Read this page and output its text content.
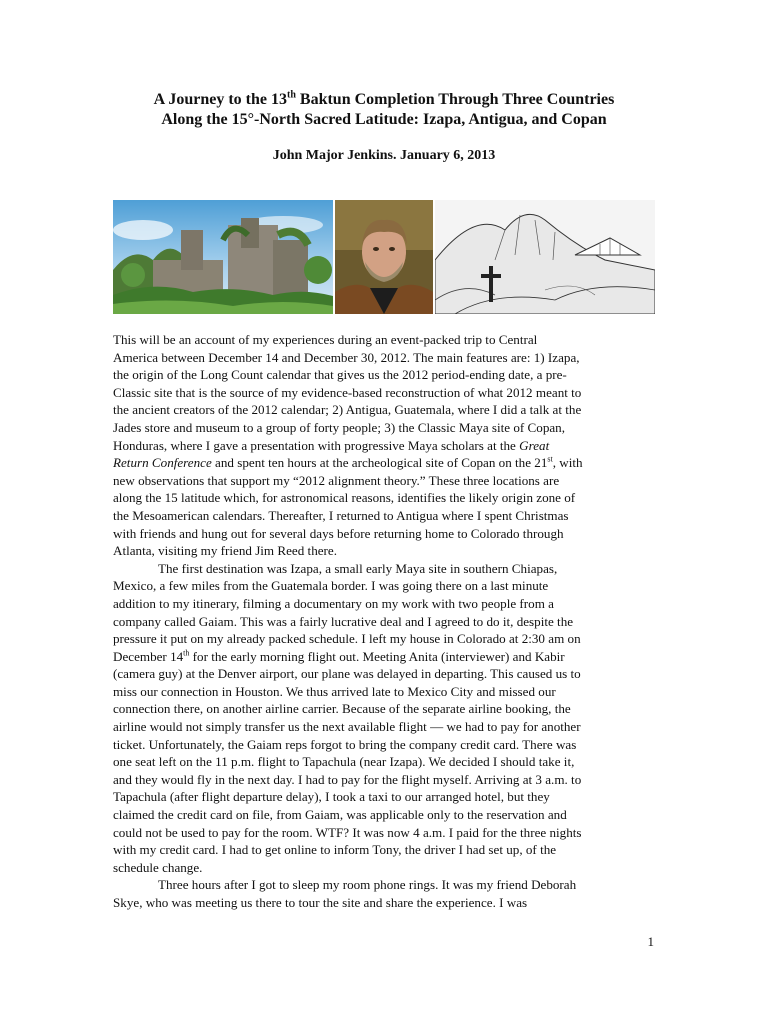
A Journey to the 13th Baktun Completion Through Three Countries
Along the 15°-North Sacred Latitude: Izapa, Antigua, and Copan
John Major Jenkins. January 6, 2013

This will be an account of my experiences during an event-packed trip to Central
America between December 14 and December 30, 2012. The main features are: 1) Izapa,
the origin of the Long Count calendar that gives us the 2012 period-ending date, a pre-
Classic site that is the source of my evidence-based reconstruction of what 2012 meant to
the ancient creators of the 2012 calendar; 2) Antigua, Guatemala, where I did a talk at the
Jades store and museum to a group of forty people; 3) the Classic Maya site of Copan,
Honduras, where I gave a presentation with progressive Maya scholars at the Great
Return Conference and spent ten hours at the archeological site of Copan on the 21st, with
new observations that support my “2012 alignment theory.” These three locations are
along the 15 latitude which, for astronomical reasons, identifies the likely origin zone of
the Mesoamerican calendars. Thereafter, I returned to Antigua where I spent Christmas
with friends and hung out for several days before returning home to Colorado through
Atlanta, visiting my friend Jim Reed there.

The first destination was Izapa, a small early Maya site in southern Chiapas,
Mexico, a few miles from the Guatemala border. I was going there on a last minute
addition to my itinerary, filming a documentary on my work with two people from a
company called Gaiam. This was a fairly lucrative deal and I agreed to do it, despite the
pressure it put on my already packed schedule. I left my house in Colorado at 2:30 am on
December 14th for the early morning flight out. Meeting Anita (interviewer) and Kabir
(camera guy) at the Denver airport, our plane was delayed in departing. This caused us to
miss our connection in Houston. We thus arrived late to Mexico City and missed our
connection there, on another airline carrier. Because of the separate airline booking, the
airline would not simply transfer us the next available flight — we had to pay for another
ticket. Unfortunately, the Gaiam reps forgot to bring the company credit card. There was
one seat left on the 11 p.m. flight to Tapachula (near Izapa). We decided I should take it,
and they would fly in the next day. I had to pay for the flight myself. Arriving at 3 a.m. to
Tapachula (after flight departure delay), I took a taxi to our arranged hotel, but they
claimed the credit card on file, from Gaiam, was applicable only to the reservation and
could not be used to pay for the room. WTF? It was now 4 a.m. I paid for the three nights
with my credit card. I had to get online to inform Tony, the driver I had set up, of the
schedule change.

Three hours after I got to sleep my room phone rings. It was my friend Deborah
Skye, who was meeting us there to tour the site and share the experience. I was

1
